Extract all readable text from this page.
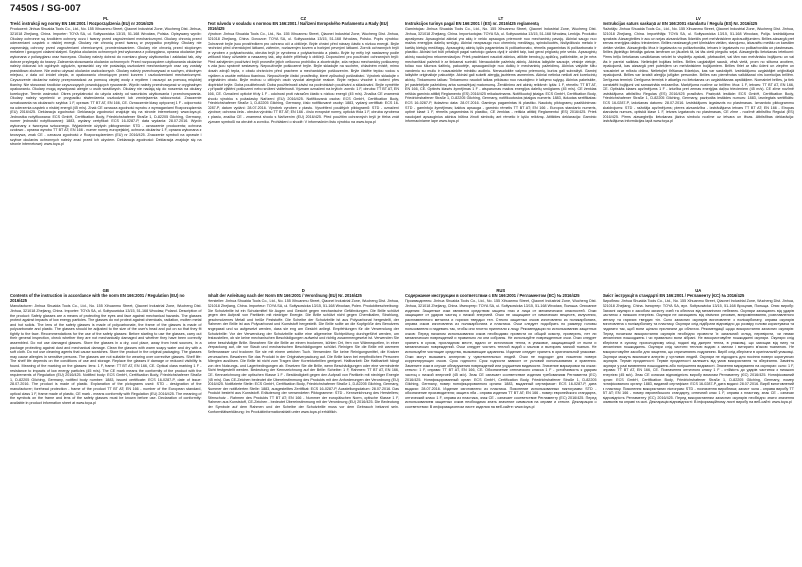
7450S / SG-007
PL
Treść instrukcji wg normy EN 166:2001 / Rozporządzenia (EU) nr 2016/425
Producent: Jinhua Shuaida Tools Co., Ltd., No. 155 Xihuanmu Street, Qiaonei Industrial Zone, Wucheng Dist. Jinhua, 321018 Zhejiang, China. Importer: TOYA SA, ul. Sołtysowicka 13/15, 51-168 Wrocław, Polska. Opisywany wyrób: Okulary ochronne są środkiem ochrony oczu i twarzy przed zagrożeniami mechanicznymi. Okulary chronią przed uderzeniami cząstek o niskiej energii. Okulary nie chronią przed twarzą w przypadku przyłbicy. Okulary nie zapewniają ochrony przed zagrożeniami chemicznymi, promieniowaniem. Okulary nie chronią przed stopionym metalem i gorącymi ciałami stałymi. Szybka okularów ochronnych jest wykonana z poliwęglanu, oprawa okularów jest wykonana z poliwęglanu oraz tworzywa. Okulary należy dobrać do rozmiaru głowy użytkownika i zakładać tak, aby dobrze przylegały do twarzy. Zalecenia stosowania okularów ochronnych: Przed rozpoczęciem użytkowania okularów należy dokonać ich ogólnych oględzin, sprawdzić czy nie posiadają uszkodzeń mechanicznych oraz czy zostały prawidłowo złożone. Nie wolno używać okularów uszkodzonych. Okulary należy przechowywać w suchym, chłodnym miejscu, z dala od źródeł ciepła, w opakowaniu chroniącym przed kurzem i uszkodzeniami mechanicznymi. Czyszczenie okularów należy przeprowadzać za pomocą ciepłej wody z mydłem i osuszyć za pomocą miękkiej tkaniny. Nie stosować środków czyszczących powodujących rysowanie. Wyrób należy przechowywać w oryginalnym opakowaniu. Okulary mogą wywoływać alergie u osób wrażliwych. Okulary nie nadają się do noszenia na okulary korekcyjne. Termin ważności: Okres przydatności do użycia zależy od warunków użytkowania i przechowywania. Okulary należy wymienić w przypadku stwierdzenia uszkodzeń lub zmniejszenia widoczności. Znaczenie oznakowania na okularach: szybka: 1 F, oprawa: TT BT AT, EN 166, CE. Oznaczenie klasy optycznej 1 F - odporność na uderzenia cząstek o niskiej energii (45 m/s). Znak CE oznacza zgodność wyrobu z wymaganiami Rozporządzenia (EU) 2016/425. Deklaracja zgodności: Deklaracja zgodności znajduje się na stronie internetowej: www.toya.pl. Jednostka notyfikowana: ECS GmbH, Certification Body, Friedrichshafener Straße 1, D-82205 Gilching, Germany, numer jednostki notyfikowanej: 1883, wydany certyfikat: ECS 16-0287-P, data wydania: 28.07.2016. Wyrób wykonany z tworzywa sztucznego. Wyjaśnienie użytych piktogramów: STD - oznaczenie producenta; ochrona czołowo - oprawa wyrobu TT BT AT; EN 166 - numer normy europejskiej, ochrona okularów 1 F, oprawa wykonana z tworzywa, znak CE - oznacza zgodność z Rozporządzeniem (EU) nr 2016/425. Znaczenie symboli na oprawie i szybce okularów ochronnych należy znać przed ich użyciem. Deklaracja zgodności: Deklaracja znajduje się na stronie internetowej: www.toya.pl
CZ
Text návodu v souladu s normou EN 166:2001 / Nařízení Evropského Parlamentu a Rady (EU) 2016/425
Výrobce: Jinhua Shuaida Tools Co., Ltd., No. 155 Xihuanmu Street, Qiaonei Industrial Zone, Wucheng Dist. Jinhua, 321018 Zhejiang, China. Dovozce: TOYA SA, ul. Sołtysowicka 13/15, 51-168 Wrocław, Polsko. Popis výrobku: Ochranné brýle jsou prostředkem pro ochranu očí a obličeje. Brýle chrání před nárazy částic s nízkou energií. Brýle nechrání před chemickými látkami, zářením, roztaveným kovem a horkými pevnými látkami. Zorník ochranných brýlí je vyroben z polykarbonátu, obruba brýlí je vyrobena z polykarbonátu a plastu. Brýle by měly být nastaveny podle velikosti hlavy uživatele a nasazeny tak, aby dobře přiléhaly k obličeji. Doporučení pro používání ochranných brýlí: Před zahájením používání brýlí proveďte jejich celkovou prohlídku a zkontrolujte, zda nejsou mechanicky poškozeny a zda jsou správně sestaveny. Nepoužívejte poškozené brýle. Brýle skladujte na suchém, chladném místě, mimo dosah zdrojů tepla, v obalu chránícím před prachem a mechanickým poškozením. Brýle čistěte teplou vodou s mýdlem a osušte měkkou tkaninou. Nepoužívejte čisticí prostředky, které způsobují poškrábání. Výrobek skladujte v originálním obalu. Brýle mohou u citlivých osob vyvolat alergické reakce. Brýle nejsou vhodné k nošení přes dioptrické brýle. Doba použitelnosti: Doba použitelnosti závisí na podmínkách používání a skladování. Brýle vyměňte v případě zjištění poškození nebo snížení viditelnosti. Význam označení na brýlích: zorník: 1 F, obruba: TT BT AT, EN 166, CE. Označení optické třídy 1 F - odolnost proti nárazům částic s nízkou energií (45 m/s). Značka CE znamená shodu výrobku s požadavky Nařízení (EU) 2016/425. Notifikovaná osoba: ECS GmbH, Certification Body, Friedrichshafener Straße 1, D-82205 Gilching, Germany, číslo notifikované osoby: 1883, vydaný certifikát: ECS 16-0287-P, datum vydání: 28.07.2016. Výrobek vyroben z plastu. Vysvětlení použitých piktogramů: STD - označení výrobce; ochrana čela - obruba výrobku TT BT AT; EN 166 - číslo evropské normy, optická třída 1 F, obruba vyrobena z plastu, značka CE - znamená shodu s Nařízením (EU) 2016/425. Před použitím ochranných brýlí je třeba znát význam symbolů na obrubě a zorníku. Prohlášení o shodě: V informačním listu výrobku na www.toya.pl
LT
Instrukcijos turinys pagal EN 166:2001 / (ES) nr. 2016/425 reglamentą
Gamintojas: Jinhua Shuaida Tools Co., Ltd., No. 155 Xihuanmu Street, Qiaonei Industrial Zone, Wucheng Dist. Jinhua, 321018 Zhejiang, China. Importuotojas: TOYA SA, ul. Sołtysowicka 13/15, 51-168 Wrocław, Lenkija. Produkto aprašymas: Apsauginiai akiniai yra akių ir veido apsaugos priemonė nuo mechaninių pavojų. Akiniai saugo nuo mažos energijos dalelių smūgių. Akiniai neapsaugo nuo cheminių medžiagų, spinduliuotės, išsilydžiusio metalo ir karštų kietųjų medžiagų. Apsauginių akinių lęšis pagamintas iš polikarbonato, rėmelis pagamintas iš polikarbonato ir plastiko. Akiniai turi būti pritaikyti pagal vartotojo galvos dydį ir uždėti taip, kad gerai priglustų prie veido. Apsauginių akinių naudojimo rekomendacijos: Prieš pradėdami naudoti akinius, atlikite bendrą jų apžiūrą, patikrinkite, ar jie nėra mechaniškai pažeisti ir ar tinkamai surinkti. Nenaudokite pažeistų akinių. Akinius laikykite sausoje, vėsioje vietoje, toliau nuo šilumos šaltinių, pakuotėje, apsaugančioje nuo dulkių ir mechaninių pažeidimų. Akinius valykite šiltu vandeniu su muilu ir nusausinkite minkštu audiniu. Nenaudokite valymo priemonių, kurios gali subraižyti. Gaminį laikykite originalioje pakuotėje. Akiniai gali sukelti alergiją jautriems asmenims. Akiniai netinka nešioti ant korekcinių akinių. Tinkamumo laikas: Tinkamumo naudoti laikas priklauso nuo naudojimo ir laikymo sąlygų. Akinius pakeiskite, jei pastebėjote pažeidimų arba sumažėjusį matomumą. Ženklinimo ant akinių reikšmė: lęšis: 1 F, rėmelis: TT BT AT, EN 166, CE. Optinės klasės žymėjimas 1 F - atsparumas mažos energijos dalelių smūgiams (45 m/s). CE ženklas reiškia gaminio atitiktį Reglamento (ES) 2016/425 reikalavimams. Notifikuotoji įstaiga: ECS GmbH, Certification Body, Friedrichshafener Straße 1, D-82205 Gilching, Germany, notifikuotosios įstaigos numeris: 1883, išduotas sertifikatas: ECS 16-0287-P, išdavimo data: 28.07.2016. Gaminys pagamintas iš plastiko. Naudotų piktogramų paaiškinimas: STD - gamintojo žymėjimas; kaktos apsauga - gaminio rėmelis TT BT AT; EN 166 - Europos standarto numeris, optinė klasė 1 F, rėmelis pagamintas iš plastiko, CE ženklas - reiškia atitiktį Reglamentui (ES) 2016/425. Prieš naudojant apsauginius akinius būtina žinoti simbolių ant rėmelio ir lęšio reikšmę. Atitikties deklaracija: Gaminio informaciniame lape www.toya.pl
LV
Instrukcijas saturs saskaņā ar EN 166:2001 standartu / Regula (ES) Nr. 2016/425
Ražotājs: Jinhua Shuaida Tools Co., Ltd., No. 155 Xihuanmu Street, Qiaonei Industrial Zone, Wucheng Dist. Jinhua, 321018 Zhejiang, China. Importētājs: TOYA SA, ul. Sołtysowicka 13/15, 51-168 Wrocław, Polija. Izstrādājuma apraksts: Aizsargbrilles ir acu un sejas aizsardzības līdzeklis pret mehāniskiem apdraudējumiem. Brilles aizsargā pret zemas enerģijas daļiņu triecieniem. Brilles neaizsargā pret ķīmiskām vielām, starojumu, izkausētu metālu un karstām cietām vielām. Aizsargbriļļu lēca ir izgatavota no polikarbonāta, ietvars ir izgatavots no polikarbonāta un plastmasas. Brilles jāpielāgo lietotāja galvas izmēram un jāuzliek tā, lai tās cieši piegultu sejai. Aizsargbriļļu lietošanas ieteikumi: Pirms briļļu lietošanas uzsākšanas veiciet to vispārēju apskati, pārbaudiet, vai tām nav mehānisku bojājumu un vai tās ir pareizi saliktas. Nelietojiet bojātas brilles. Brilles uzglabājiet sausā, vēsā vietā, prom no siltuma avotiem, iepakojumā, kas aizsargā pret putekļiem un mehāniskiem bojājumiem. Brilles tīriet ar siltu ūdeni un ziepēm un nosusiniet ar mīkstu drānu. Nelietojiet tīrīšanas līdzekļus, kas var saskrāpēt. Izstrādājumu uzglabājiet oriģinālajā iepakojumā. Brilles var izraisīt alerģiju jutīgām personām. Brilles nav piemērotas valkāšanai virs korekcijas brillēm. Derīguma termiņš: Derīguma termiņš ir atkarīgs no lietošanas un uzglabāšanas apstākļiem. Nomainiet brilles, ja tiek konstatēti bojājumi vai samazināta redzamība. Marķējuma nozīme uz brillēm: lēca: 1 F, ietvars: TT BT AT, EN 166, CE. Optiskās klases apzīmējums 1 F - izturība pret zemas enerģijas daļiņu triecieniem (45 m/s). CE zīme nozīmē izstrādājuma atbilstību Regulas (ES) 2016/425 prasībām. Paziņotā iestāde: ECS GmbH, Certification Body, Friedrichshafener Straße 1, D-82205 Gilching, Germany, paziņotās iestādes numurs: 1883, izsniegtais sertifikāts: ECS 16-0287-P, izdošanas datums: 28.07.2016. Izstrādājums izgatavots no plastmasas. Izmantoto piktogrammu skaidrojums: STD - ražotāja apzīmējums; pieres aizsardzība - izstrādājuma ietvars TT BT AT; EN 166 - Eiropas standarta numurs, optiskā klase 1 F, ietvars izgatavots no plastmasas, CE zīme - nozīmē atbilstību Regulai (ES) 2016/425. Pirms aizsargbriļļu lietošanas jāzina simbolu nozīme uz ietvara un lēcas. Atbilstības deklarācija: Izstrādājuma informācijas lapā www.toya.pl
GB
Contents of the instruction in accordance with the norm EN 166:2001 / Regulation (EU) no 2016/425
Manufacturer: Jinhua Shuaida Tools Co., Ltd., No. 155 Xihuanmu Street, Qiaonei Industrial Zone, Wucheng Dist. Jinhua, 321018 Zhejiang, China. Importer: TOYA SA, ul. Sołtysowicka 13/15, 51-168 Wrocław, Poland. Description of the product: Safety glasses are a means of protecting the eyes and face against mechanical hazards. The glasses protect against impacts of low energy particles. The glasses do not protect against chemicals, radiation, molten metal and hot solids. The lens of the safety glasses is made of polycarbonate, the frame of the glasses is made of polycarbonate and plastic. The glasses should be adjusted to the size of the user's head and put on so that they fit tightly to the face. Recommendations for the use of the safety glasses: Before starting to use the glasses, carry out their general inspection, check whether they are not mechanically damaged and whether they have been correctly assembled. Do not use damaged glasses. Store the glasses in a dry, cool place, away from heat sources, in a package protecting against dust and mechanical damage. Clean the glasses with warm soapy water and dry with a soft cloth. Do not use cleaning agents that cause scratches. Store the product in the original packaging. The glasses may cause allergies in sensitive persons. The glasses are not suitable for wearing over corrective glasses. Shelf life: The shelf life depends on the conditions of use and storage. Replace the glasses if damage or reduced visibility is found. Meaning of the marking on the glasses: lens: 1 F, frame: TT BT AT, EN 166, CE. Optical class marking 1 F - resistance to impacts of low energy particles (45 m/s). The CE mark means the conformity of the product with the requirements of Regulation (EU) 2016/425. Notified body: ECS GmbH, Certification Body, Friedrichshafener Straße 1, D-82205 Gilching, Germany, notified body number: 1883, issued certificate: ECS 16-0287-P, date of issue: 28.07.2016. The product is made of plastic. Explanation of the pictograms used: STD - designation of the manufacturer; forehead protection - frame of the product TT BT AT; EN 166 - number of the European standard, optical class 1 F, frame made of plastic, CE mark - means conformity with Regulation (EU) 2016/425. The meaning of the symbols on the frame and lens of the safety glasses must be known before use. Declaration of conformity: available in product information sheet at www.toya.pl
D
Inhalt der Anleitung nach der Norm EN 166:2001 / Verordnung (EU) Nr. 2016/425
Hersteller: Jinhua Shuaida Tools Co., Ltd., No. 155 Xihuanmu Street, Qiaonei Industrial Zone, Wucheng Dist. Jinhua, 321018 Zhejiang, China. Importeur: TOYA SA, ul. Sołtysowicka 13/15, 51-168 Wrocław, Polen. Produktbeschreibung: Die Schutzbrille ist ein Schutzmittel für Augen und Gesicht gegen mechanische Gefährdungen. Die Brille schützt gegen den Aufprall von Partikeln mit niedriger Energie. Die Brille schützt nicht gegen Chemikalien, Strahlung, geschmolzenes Metall und heiße Feststoffe. Die Scheibe der Schutzbrille ist aus Polycarbonat hergestellt, der Rahmen der Brille ist aus Polycarbonat und Kunststoff hergestellt. Die Brille sollte an die Kopfgröße des Benutzers angepasst und so aufgesetzt werden, dass sie eng am Gesicht anliegt. Empfehlungen für die Verwendung der Schutzbrille: Vor der Verwendung der Schutzbrille sollte eine allgemeine Sichtprüfung durchgeführt werden, um festzustellen, ob sie keine mechanischen Beschädigungen aufweist und richtig zusammengesetzt ist. Verwenden Sie keine beschädigte Brille. Bewahren Sie die Brille an einem trockenen, kühlen Ort, fern von Wärmequellen, in einer Verpackung auf, die vor Staub und mechanischen Beschädigungen schützt. Reinigen Sie die Brille mit warmem Seifenwasser und trocknen Sie sie mit einem weichen Tuch. Verwenden Sie keine Reinigungsmittel, die Kratzer verursachen. Bewahren Sie das Produkt in der Originalverpackung auf. Die Brille kann bei empfindlichen Personen Allergien auslösen. Die Brille ist nicht zum Tragen über Korrekturbrillen geeignet. Haltbarkeit: Die Haltbarkeit hängt von den Nutzungs- und Lagerbedingungen ab. Ersetzen Sie die Brille, wenn Beschädigungen oder eine verminderte Sicht festgestellt werden. Bedeutung der Kennzeichnung auf der Brille: Scheibe: 1 F, Rahmen: TT BT AT, EN 166, CE. Kennzeichnung der optischen Klasse 1 F - Beständigkeit gegen den Aufprall von Partikeln mit niedriger Energie (45 m/s). Das CE-Zeichen bedeutet die Übereinstimmung des Produkts mit den Anforderungen der Verordnung (EU) 2016/425. Notifizierte Stelle: ECS GmbH, Certification Body, Friedrichshafener Straße 1, D-82205 Gilching, Germany, Nummer der notifizierten Stelle: 1883, ausgestelltes Zertifikat: ECS 16-0287-P, Ausstellungsdatum: 28.07.2016. Das Produkt besteht aus Kunststoff. Erläuterung der verwendeten Piktogramme: STD - Kennzeichnung des Herstellers; Stirnschutz - Rahmen des Produkts TT BT AT; EN 166 - Nummer der europäischen Norm, optische Klasse 1 F, Rahmen aus Kunststoff, CE-Zeichen - bedeutet Übereinstimmung mit der Verordnung (EU) 2016/425. Die Bedeutung der Symbole auf dem Rahmen und der Scheibe der Schutzbrille muss vor dem Gebrauch bekannt sein. Konformitätserklärung: Im Produktinformationsblatt unter www.toya.pl erhältlich.
RUS
Содержание инструкции в соответствии с EN 166:2001 / Регламентом (ЕС) № 2016/425
Производитель: Jinhua Shuaida Tools Co., Ltd., No. 155 Xihuanmu Street, Qiaonei Industrial Zone, Wucheng Dist. Jinhua, 321018 Zhejiang, China. Импортер: TOYA SA, ul. Sołtysowicka 13/15, 51-168 Wrocław, Польша. Описание изделия: Защитные очки являются средством защиты глаз и лица от механических опасностей. Очки защищают от ударов частиц с низкой энергией. Очки не защищают от химических веществ, излучения, расплавленного металла и горячих твердых тел. Стекло защитных очков изготовлено из поликарбоната, оправа очков изготовлена из поликарбоната и пластика. Очки следует подобрать по размеру головы пользователя и надевать так, чтобы они плотно прилегали к лицу. Рекомендации по использованию защитных очков: Перед началом использования очков необходимо провести их общий осмотр, проверить, нет ли механических повреждений и правильно ли они собраны. Не используйте поврежденные очки. Очки следует хранить в сухом, прохладном месте, вдали от источников тепла, в упаковке, защищающей от пыли и механических повреждений. Очки следует чистить теплой водой с мылом и вытирать мягкой тканью. Не используйте чистящие средства, вызывающие царапины. Изделие следует хранить в оригинальной упаковке. Очки могут вызывать аллергию у чувствительных людей. Очки не подходят для ношения поверх корректирующих очков. Срок годности: Срок годности зависит от условий использования и хранения. Замените очки в случае обнаружения повреждений или ухудшения видимости. Значение маркировки на очках: стекло: 1 F, оправа: TT BT AT, EN 166, CE. Обозначение оптического класса 1 F - устойчивость к ударам частиц с низкой энергией (45 м/с). Знак CE означает соответствие изделия требованиям Регламента (ЕС) 2016/425. Нотифицированный орган: ECS GmbH, Certification Body, Friedrichshafener Straße 1, D-82205 Gilching, Germany, номер нотифицированного органа: 1883, выданный сертификат: ECS 16-0287-P, дата выдачи: 28.07.2016. Изделие изготовлено из пластика. Пояснение использованных пиктограмм: STD - обозначение производителя; защита лба - оправа изделия TT BT AT; EN 166 - номер европейского стандарта, оптический класс 1 F, оправа из пластика, знак CE - означает соответствие Регламенту (ЕС) 2016/425. Перед использованием защитных очков необходимо знать значение символов на оправе и стекле. Декларация о соответствии: В информационном листе изделия на веб-сайте: www.toya.pl
UA
Зміст інструкції в стандарті EN 166:2001 / Регламенту (ЄС) № 2016/425
Виробник: Jinhua Shuaida Tools Co., Ltd., No. 155 Xihuanmu Street, Qiaonei Industrial Zone, Wucheng Dist. Jinhua, 321018 Zhejiang, China. Імпортер: TOYA SA, вул. Sołtysowicka 13/15, 51-168 Вроцлав, Польща. Опис виробу: Захисні окуляри є засобом захисту очей та обличчя від механічних небезпек. Окуляри захищають від ударів частинок з низькою енергією. Окуляри не захищають від хімічних речовин, випромінювання, розплавленого металу та гарячих твердих тіл. Скло захисних окулярів виготовлене з полікарбонату, оправа окулярів виготовлена з полікарбонату та пластику. Окуляри слід підібрати відповідно до розміру голови користувача та надягати так, щоб вони щільно прилягали до обличчя. Рекомендації щодо використання захисних окулярів: Перед початком використання окулярів необхідно провести їх загальний огляд, перевірити, чи немає механічних пошкоджень і чи правильно вони зібрані. Не використовуйте пошкоджені окуляри. Окуляри слід зберігати в сухому, прохолодному місці, подалі від джерел тепла, в упаковці, що захищає від пилу та механічних пошкоджень. Окуляри слід чистити теплою водою з милом і витирати м'якою тканиною. Не використовуйте засоби для чищення, що спричиняють подряпини. Виріб слід зберігати в оригінальній упаковці. Окуляри можуть викликати алергію у чутливих людей. Окуляри не підходять для носіння поверх коригуючих окулярів. Термін придатності: Термін придатності залежить від умов використання та зберігання. Замініть окуляри у разі виявлення пошкоджень або погіршення видимості. Значення маркування на окулярах: скло: 1 F, оправа: TT BT AT, EN 166, CE. Позначення оптичного класу 1 F - стійкість до ударів частинок з низькою енергією (45 м/с). Знак CE означає відповідність виробу вимогам Регламенту (ЄС) 2016/425. Нотифікований орган: ECS GmbH, Certification Body, Friedrichshafener Straße 1, D-82205 Gilching, Germany, номер нотифікованого органу: 1883, виданий сертифікат: ECS 16-0287-P, дата видачі: 28.07.2016. Виріб виготовлений з пластику. Пояснення використаних піктограм: STD - позначення виробника; захист чола - оправа виробу TT BT AT; EN 166 - номер європейського стандарту, оптичний клас 1 F, оправа з пластику, знак CE - означає відповідність Регламенту (ЄС) 2016/425. Перед використанням захисних окулярів необхідно знати значення символів на оправі та склі. Декларація відповідності: В інформаційному листі виробу на веб-сайті: www.toya.pl
